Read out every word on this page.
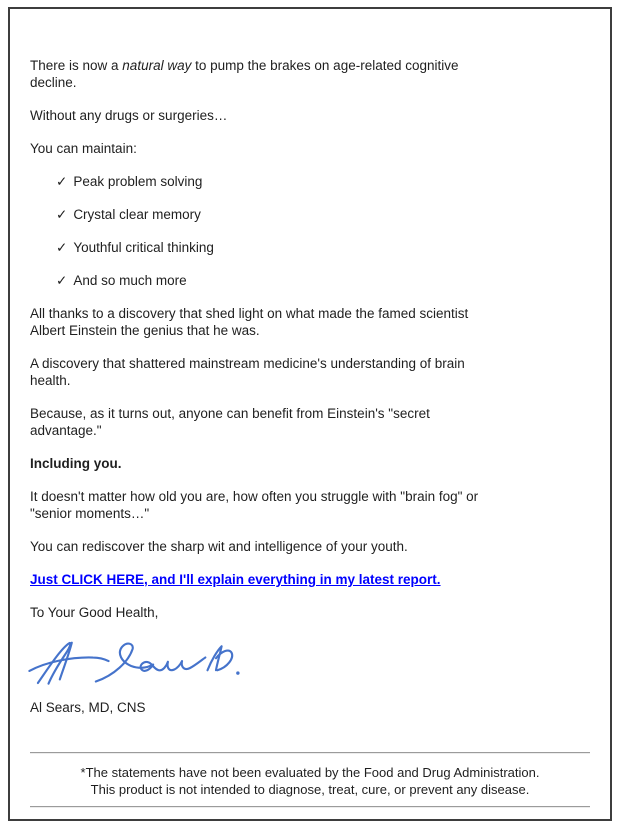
There is now a natural way to pump the brakes on age-related cognitive
decline.

Without any drugs or surgeries…

You can maintain:

✓ Peak problem solving
✓ Crystal clear memory
✓ Youthful critical thinking
✓ And so much more

All thanks to a discovery that shed light on what made the famed scientist
Albert Einstein the genius that he was.

A discovery that shattered mainstream medicine's understanding of brain
health.

Because, as it turns out, anyone can benefit from Einstein's "secret
advantage."

Including you.

It doesn't matter how old you are, how often you struggle with "brain fog" or
"senior moments…"

You can rediscover the sharp wit and intelligence of your youth.

Just CLICK HERE, and I'll explain everything in my latest report.

To Your Good Health,

Al Sears, MD, CNS

*The statements have not been evaluated by the Food and Drug Administration.
This product is not intended to diagnose, treat, cure, or prevent any disease.
